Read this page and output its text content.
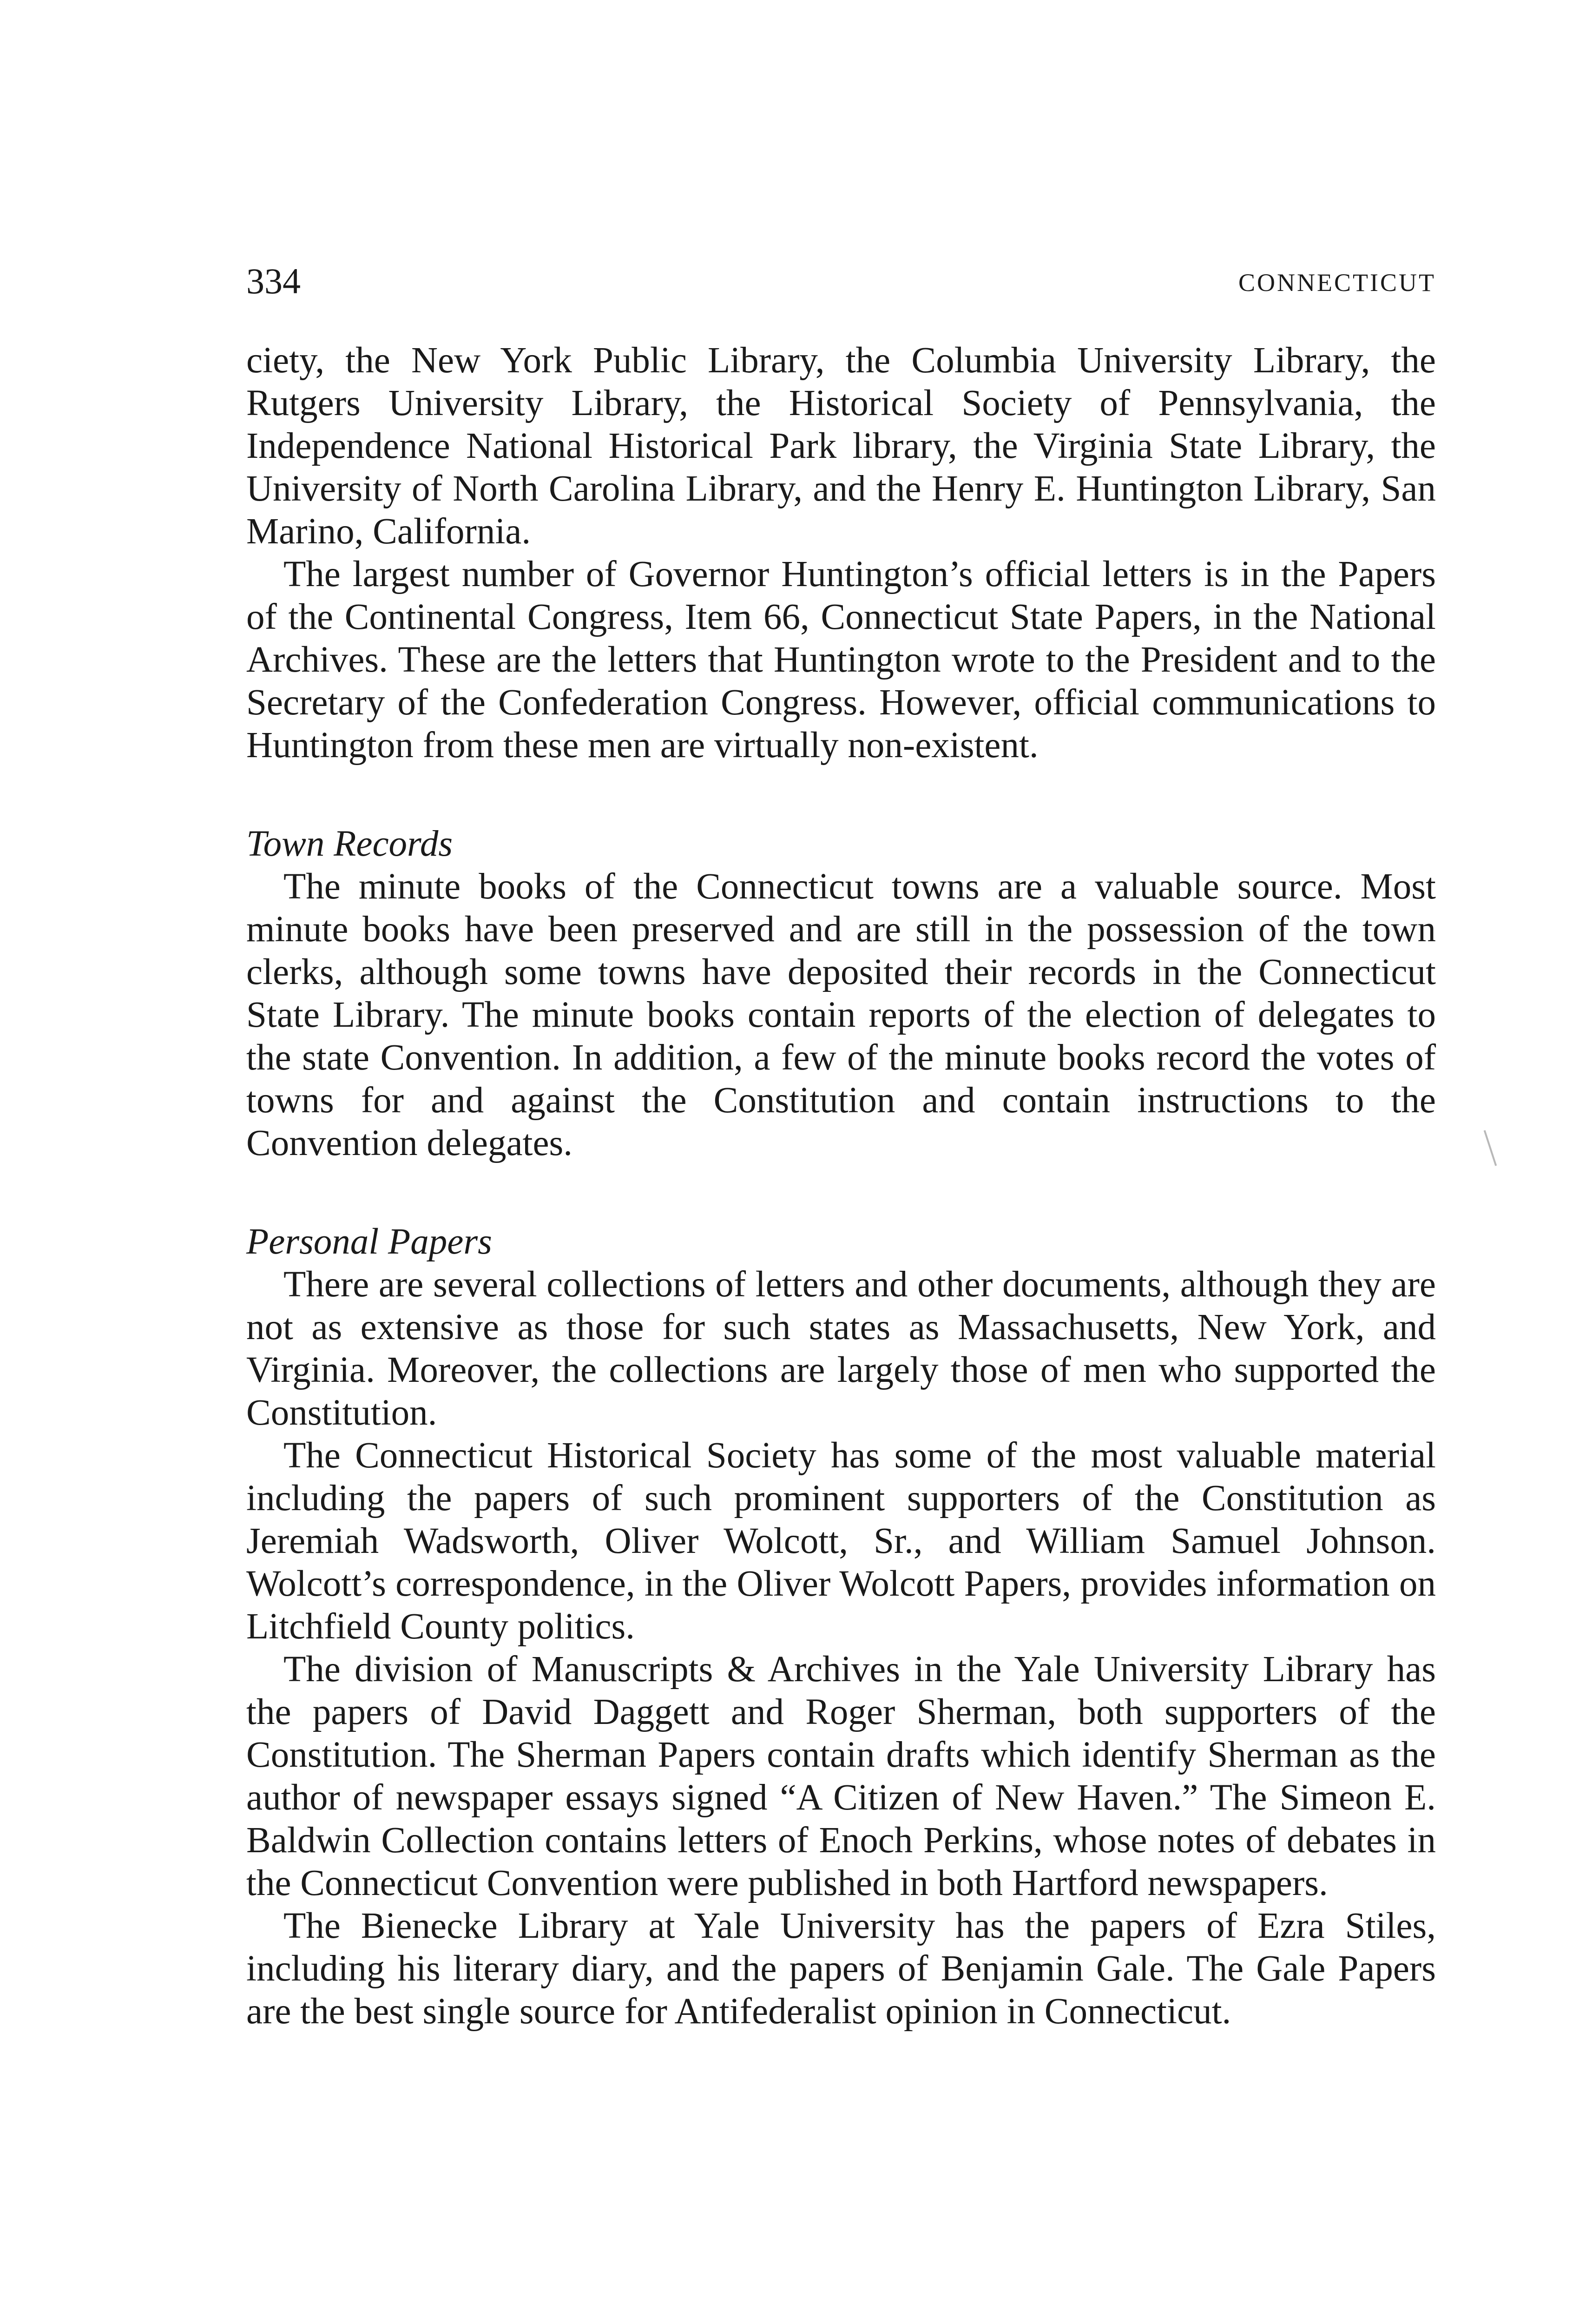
334	CONNECTICUT

ciety, the New York Public Library, the Columbia University Library, the Rutgers University Library, the Historical Society of Pennsylvania, the Independence National Historical Park library, the Virginia State Library, the University of North Carolina Library, and the Henry E. Huntington Library, San Marino, California.

The largest number of Governor Huntington’s official letters is in the Papers of the Continental Congress, Item 66, Connecticut State Papers, in the National Archives. These are the letters that Huntington wrote to the President and to the Secretary of the Confederation Congress. However, official communications to Huntington from these men are virtually non-existent.

Town Records

The minute books of the Connecticut towns are a valuable source. Most minute books have been preserved and are still in the possession of the town clerks, although some towns have deposited their records in the Connecticut State Library. The minute books contain reports of the election of delegates to the state Convention. In addition, a few of the minute books record the votes of towns for and against the Constitution and contain instructions to the Convention delegates.

Personal Papers

There are several collections of letters and other documents, although they are not as extensive as those for such states as Massachusetts, New York, and Virginia. Moreover, the collections are largely those of men who supported the Constitution.

The Connecticut Historical Society has some of the most valuable material including the papers of such prominent supporters of the Constitution as Jeremiah Wadsworth, Oliver Wolcott, Sr., and William Samuel Johnson. Wolcott’s correspondence, in the Oliver Wolcott Papers, provides information on Litchfield County politics.

The division of Manuscripts & Archives in the Yale University Library has the papers of David Daggett and Roger Sherman, both supporters of the Constitution. The Sherman Papers contain drafts which identify Sherman as the author of newspaper essays signed “A Citizen of New Haven.” The Simeon E. Baldwin Collection contains letters of Enoch Perkins, whose notes of debates in the Connecticut Convention were published in both Hartford newspapers.

The Bienecke Library at Yale University has the papers of Ezra Stiles, including his literary diary, and the papers of Benjamin Gale. The Gale Papers are the best single source for Antifederalist opinion in Connecticut.
